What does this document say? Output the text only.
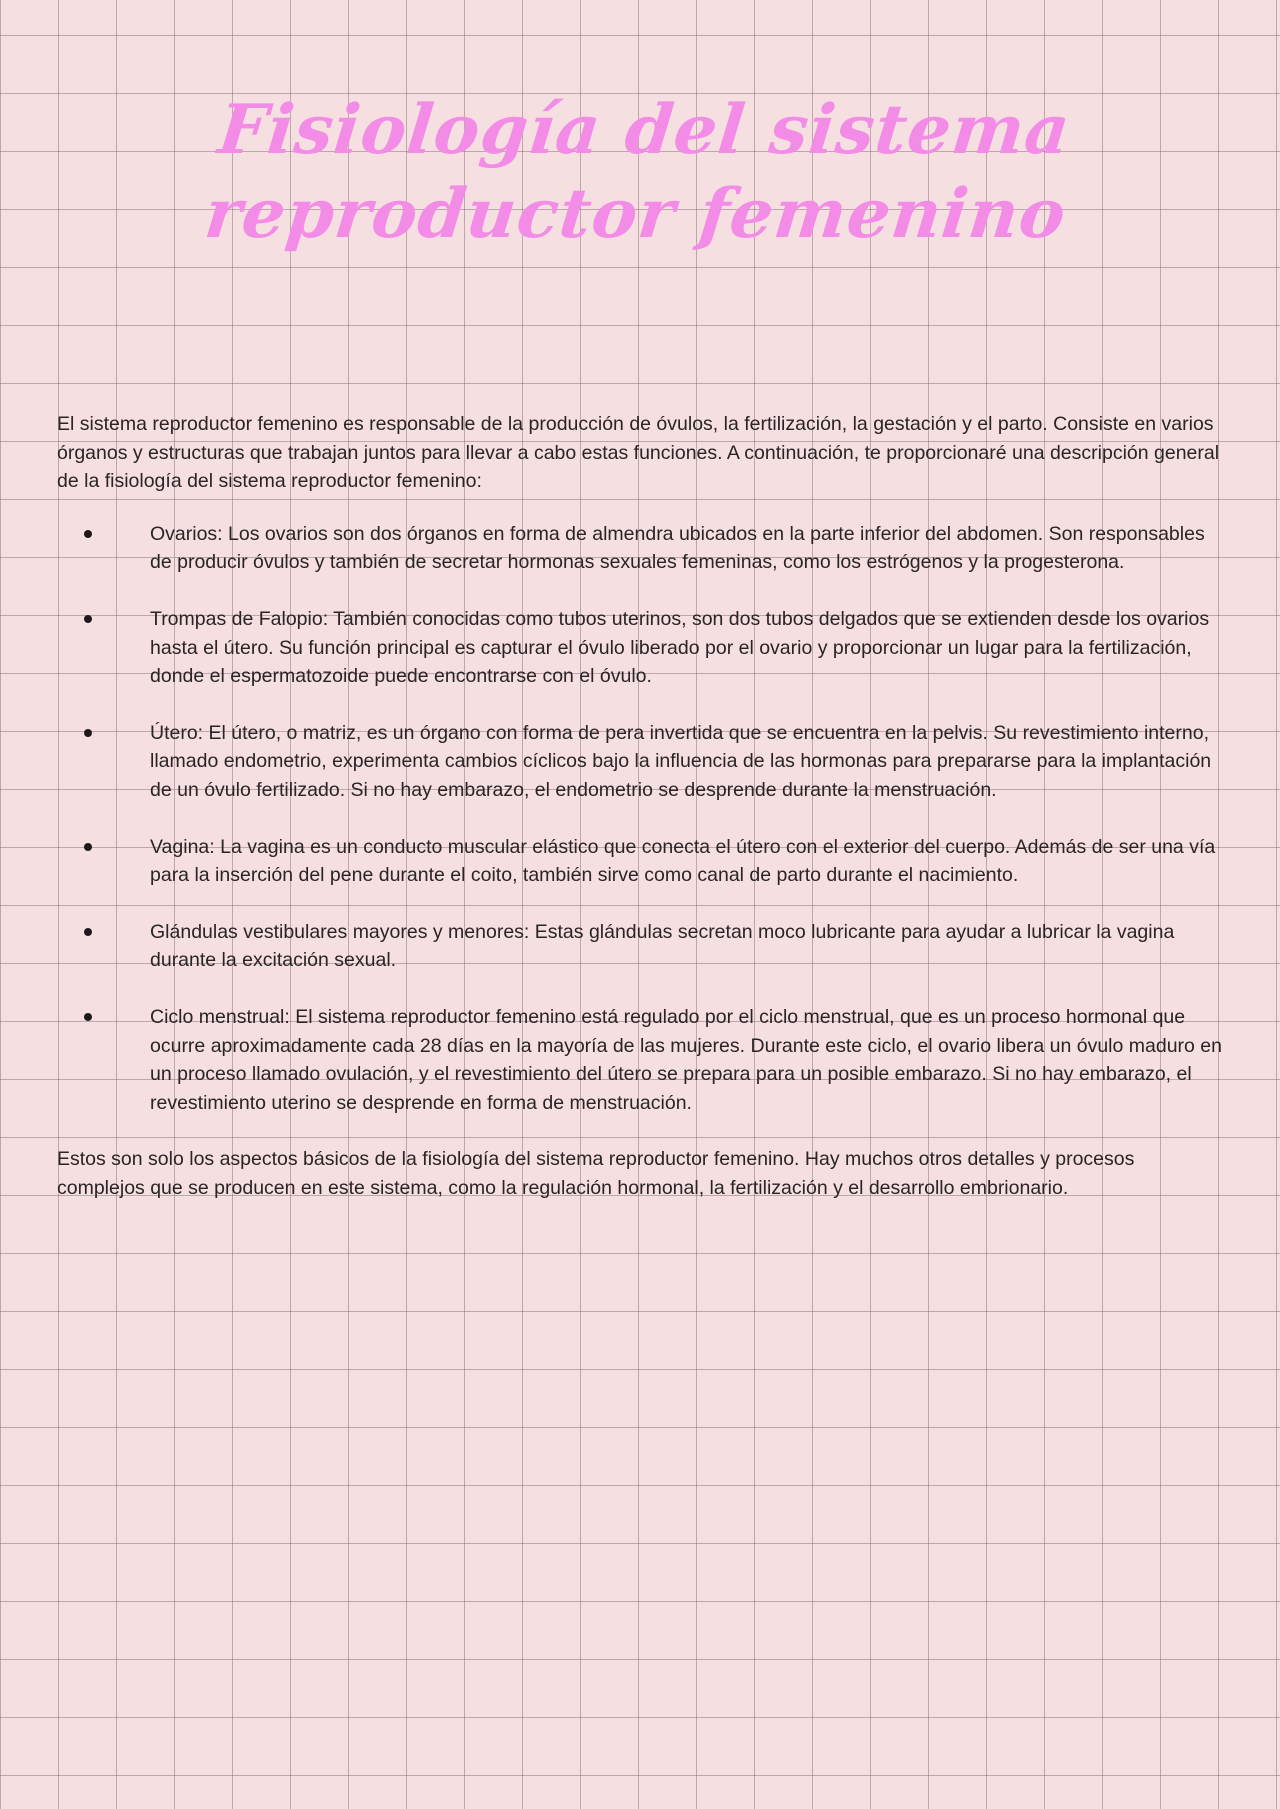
Fisiología del sistema reproductor femenino

El sistema reproductor femenino es responsable de la producción de óvulos, la fertilización, la gestación y el parto. Consiste en varios órganos y estructuras que trabajan juntos para llevar a cabo estas funciones. A continuación, te proporcionaré una descripción general de la fisiología del sistema reproductor femenino:

Ovarios: Los ovarios son dos órganos en forma de almendra ubicados en la parte inferior del abdomen. Son responsables de producir óvulos y también de secretar hormonas sexuales femeninas, como los estrógenos y la progesterona.
Trompas de Falopio: También conocidas como tubos uterinos, son dos tubos delgados que se extienden desde los ovarios hasta el útero. Su función principal es capturar el óvulo liberado por el ovario y proporcionar un lugar para la fertilización, donde el espermatozoide puede encontrarse con el óvulo.
Útero: El útero, o matriz, es un órgano con forma de pera invertida que se encuentra en la pelvis. Su revestimiento interno, llamado endometrio, experimenta cambios cíclicos bajo la influencia de las hormonas para prepararse para la implantación de un óvulo fertilizado. Si no hay embarazo, el endometrio se desprende durante la menstruación.
Vagina: La vagina es un conducto muscular elástico que conecta el útero con el exterior del cuerpo. Además de ser una vía para la inserción del pene durante el coito, también sirve como canal de parto durante el nacimiento.
Glándulas vestibulares mayores y menores: Estas glándulas secretan moco lubricante para ayudar a lubricar la vagina durante la excitación sexual.
Ciclo menstrual: El sistema reproductor femenino está regulado por el ciclo menstrual, que es un proceso hormonal que ocurre aproximadamente cada 28 días en la mayoría de las mujeres. Durante este ciclo, el ovario libera un óvulo maduro en un proceso llamado ovulación, y el revestimiento del útero se prepara para un posible embarazo. Si no hay embarazo, el revestimiento uterino se desprende en forma de menstruación.

Estos son solo los aspectos básicos de la fisiología del sistema reproductor femenino. Hay muchos otros detalles y procesos complejos que se producen en este sistema, como la regulación hormonal, la fertilización y el desarrollo embrionario.
